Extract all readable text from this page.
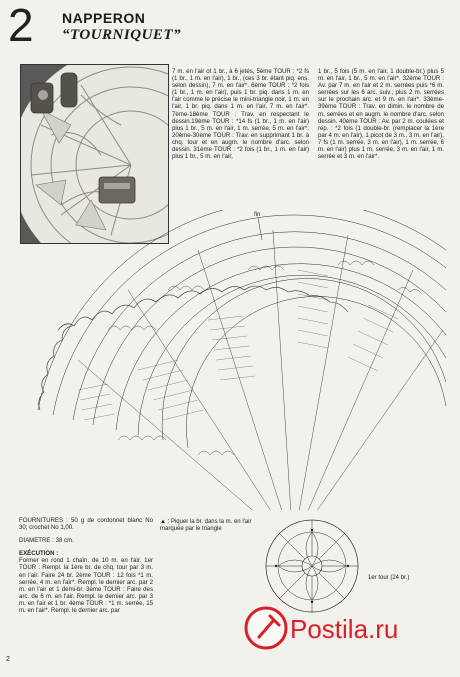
2 NAPPERON
“TOURNIQUET”
7 m. en l'air ot 1 br., à 6 jetés, 5ème TOUR : *2 fs (1 br., 1 m. en l'air), 1 br., (ces 3 br. étant piq. ens. selon dessin), 7 m. en l'air*. 6ème TOUR : *2 fois (1 br., 1 m. en l'air), puis 1 br. piq. dans 1 m. en l'air comme le précise le mini-triangle noir, 1 m. en l'air, 1 br. piq. dans 1 m. en l'air, 7 m. en l'air*. 7ème-18ème TOUR : Trav. en respectant le dessin.19ème TOUR : *14 fs (1 br., 1 m. en l'air) plus 1 br., 5 m. en l'air, 1 m. serrée, 5 m. en l'air*. 20ème-30ème TOUR : Trav. en supprimant 1 br. à chq. tour et en augm. le nombre d'arc. selon dessin. 31ème TOUR : *2 fois (1 br., 1 m. en l'air) plus 1 br., 5 m. en l'air,
1 br., 5 fois (5 m. en l'air, 1 double-br.) plus 5 m. en l'air, 1 br., 5 m. en l'air*. 32ème TOUR : Av. par 7 m. en l'air et 2 m. serrées puis *6 m. serrées sur les 6 arc. suiv., plus 2 m. serrées sur le prochain arc. et 9 m. en l'air*. 33ème-39ème TOUR : Trav. en dimin. le nombre de m. serrées et en augm. le nombre d'arc. selon dessin. 40ème TOUR : Av. par 2 m. coulées et rép. : *2 fois (1 double-br. (remplacer la 1ère par 4 m. en l'air), 1 picot de 3 m., 3 m. en l'air), 7 fs (1 m. serrée, 3 m. en l'air), 1 m. serrée, 6 m. en l'air) plus 1 m. serrée, 3 m. en l'air, 1 m. serrée et 3 m. en l'air*.
fin
▲ : Piquer la br. dans la m. en l'air marquée par le triangle
1er tour (24 br.)
FOURNITURES : 50 g de cordonnet blanc No 30; crochet No 1,00.
DIAMETRE : 38 cm.
EXÉCUTION :
Former en rond 1 chaîn. de 10 m. en l'air. 1er TOUR : Rempl. la 1ère br. de chq. tour par 3 m. en l'air. Faire 24 br. 2ème TOUR : 12 fois *1 m. serrée, 4 m. en l'air*. Rempl. le dernier arc. par 2 m. en l'air et 1 demi-br. 3ème TOUR : Faire des arc. de 6 m. en l'air. Rempl. le dernier arc. par 3 m. en l'air et 1 br. 4ème TOUR : *1 m. serrée, 15 m. en l'air*. Rempl. le dernier arc. par
Postila.ru
2
